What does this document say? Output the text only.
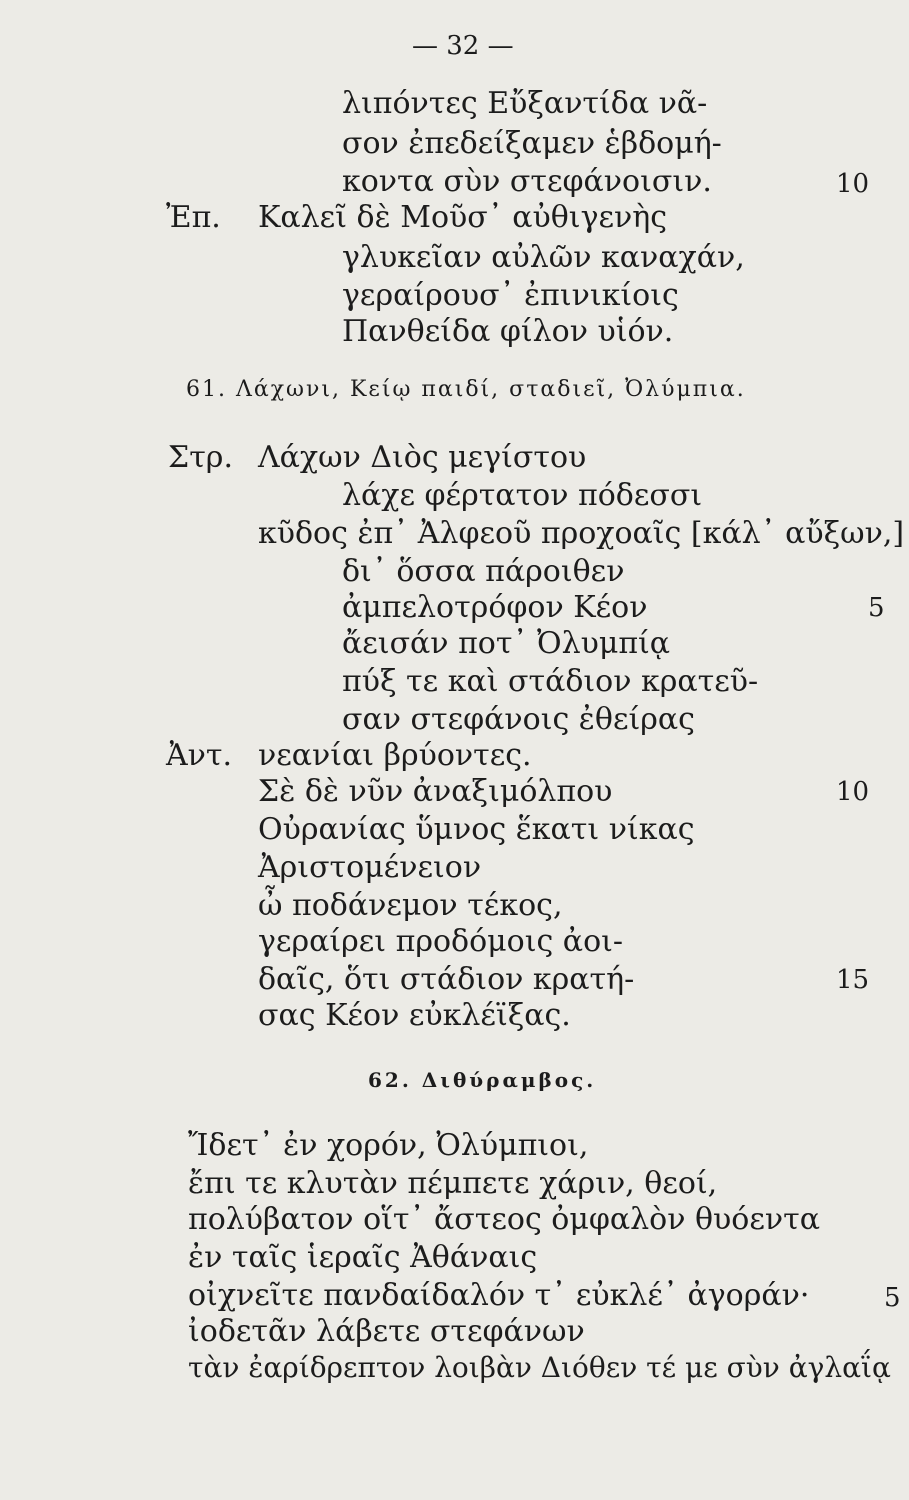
— 32 —
λιπόντες Εὔξαντίδα νᾶ-
σον ἐπεδείξαμεν ἑβδομή-
κοντα σὺν στεφάνοισιν.	10
Ἐπ. Καλεῖ δὲ Μοῦσ᾽ αὐθιγενὴς
γλυκεῖαν αὐλῶν καναχάν,
γεραίρουσ᾽ ἐπινικίοις
Πανθείδα φίλον υἱόν.
61. Λάχωνι, Κείῳ παιδί, σταδιεῖ, Ὀλύμπια.
Στρ. Λάχων Διὸς μεγίστου
λάχε φέρτατον πόδεσσι
κῦδος ἐπ᾽ Ἀλφεοῦ προχοαῖς [κάλ᾽ αὔξων,]
δι᾽ ὅσσα πάροιθεν
ἀμπελοτρόφον Κέον	5
ἄεισάν ποτ᾽ Ὀλυμπίᾳ
πύξ τε καὶ στάδιον κρατεῦ-
σαν στεφάνοις ἐθείρας
Ἀντ. νεανίαι βρύοντες.
Σὲ δὲ νῦν ἀναξιμόλπου	10
Οὐρανίας ὕμνος ἕκατι νίκας
Ἀριστομένειον
ὦ ποδάνεμον τέκος,
γεραίρει προδόμοις ἀοι-
δαῖς, ὅτι στάδιον κρατή-	15
σας Κέον εὐκλέϊξας.
62. Διθύραμβος.
Ἴδετ᾽ ἐν χορόν, Ὀλύμπιοι,
ἔπι τε κλυτὰν πέμπετε χάριν, θεοί,
πολύβατον οἵτ᾽ ἄστεος ὀμφαλὸν θυόεντα
ἐν ταῖς ἱεραῖς Ἀθάναις
οἰχνεῖτε πανδαίδαλόν τ᾽ εὐκλέ᾽ ἀγοράν·	5
ἰοδετᾶν λάβετε στεφάνων
τὰν ἐαρίδρεπτον λοιβὰν Διόθεν τέ με σὺν ἀγλαΐᾳ
